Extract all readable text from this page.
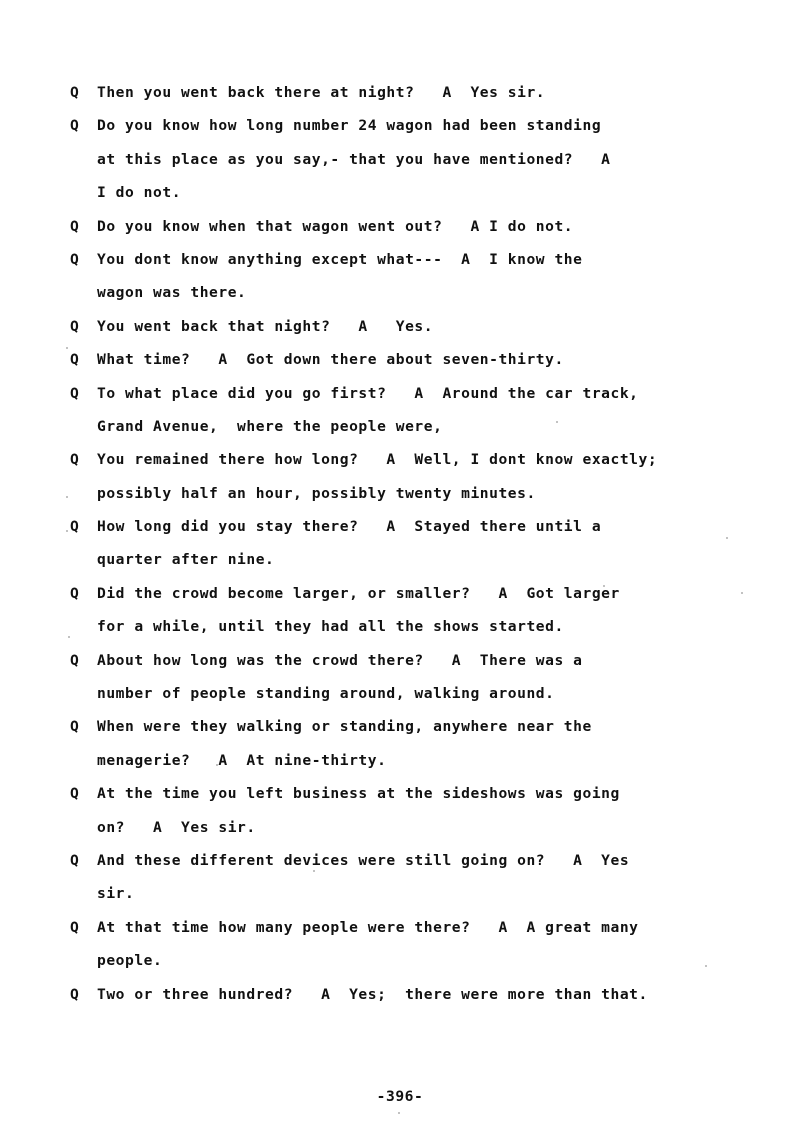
Q	Then you went back there at night?   A  Yes sir.
Q	Do you know how long number 24 wagon had been standing
at this place as you say,- that you have mentioned?   A
I do not.
Q	Do you know when that wagon went out?   A I do not.
Q	You dont know anything except what---  A  I know the
wagon was there.
Q	You went back that night?   A   Yes.
Q	What time?   A  Got down there about seven-thirty.
Q	To what place did you go first?   A  Around the car track,
Grand Avenue,  where the people were,
Q	You remained there how long?   A  Well, I dont know exactly;
possibly half an hour, possibly twenty minutes.
Q	How long did you stay there?   A  Stayed there until a
quarter after nine.
Q	Did the crowd become larger, or smaller?   A  Got larger
for a while, until they had all the shows started.
Q	About how long was the crowd there?   A  There was a
number of people standing around, walking around.
Q	When were they walking or standing, anywhere near the
menagerie?   A  At nine-thirty.
Q	At the time you left business at the sideshows was going
on?   A  Yes sir.
Q	And these different devices were still going on?   A  Yes
sir.
Q	At that time how many people were there?   A  A great many
people.
Q	Two or three hundred?   A  Yes;  there were more than that.
-396-
